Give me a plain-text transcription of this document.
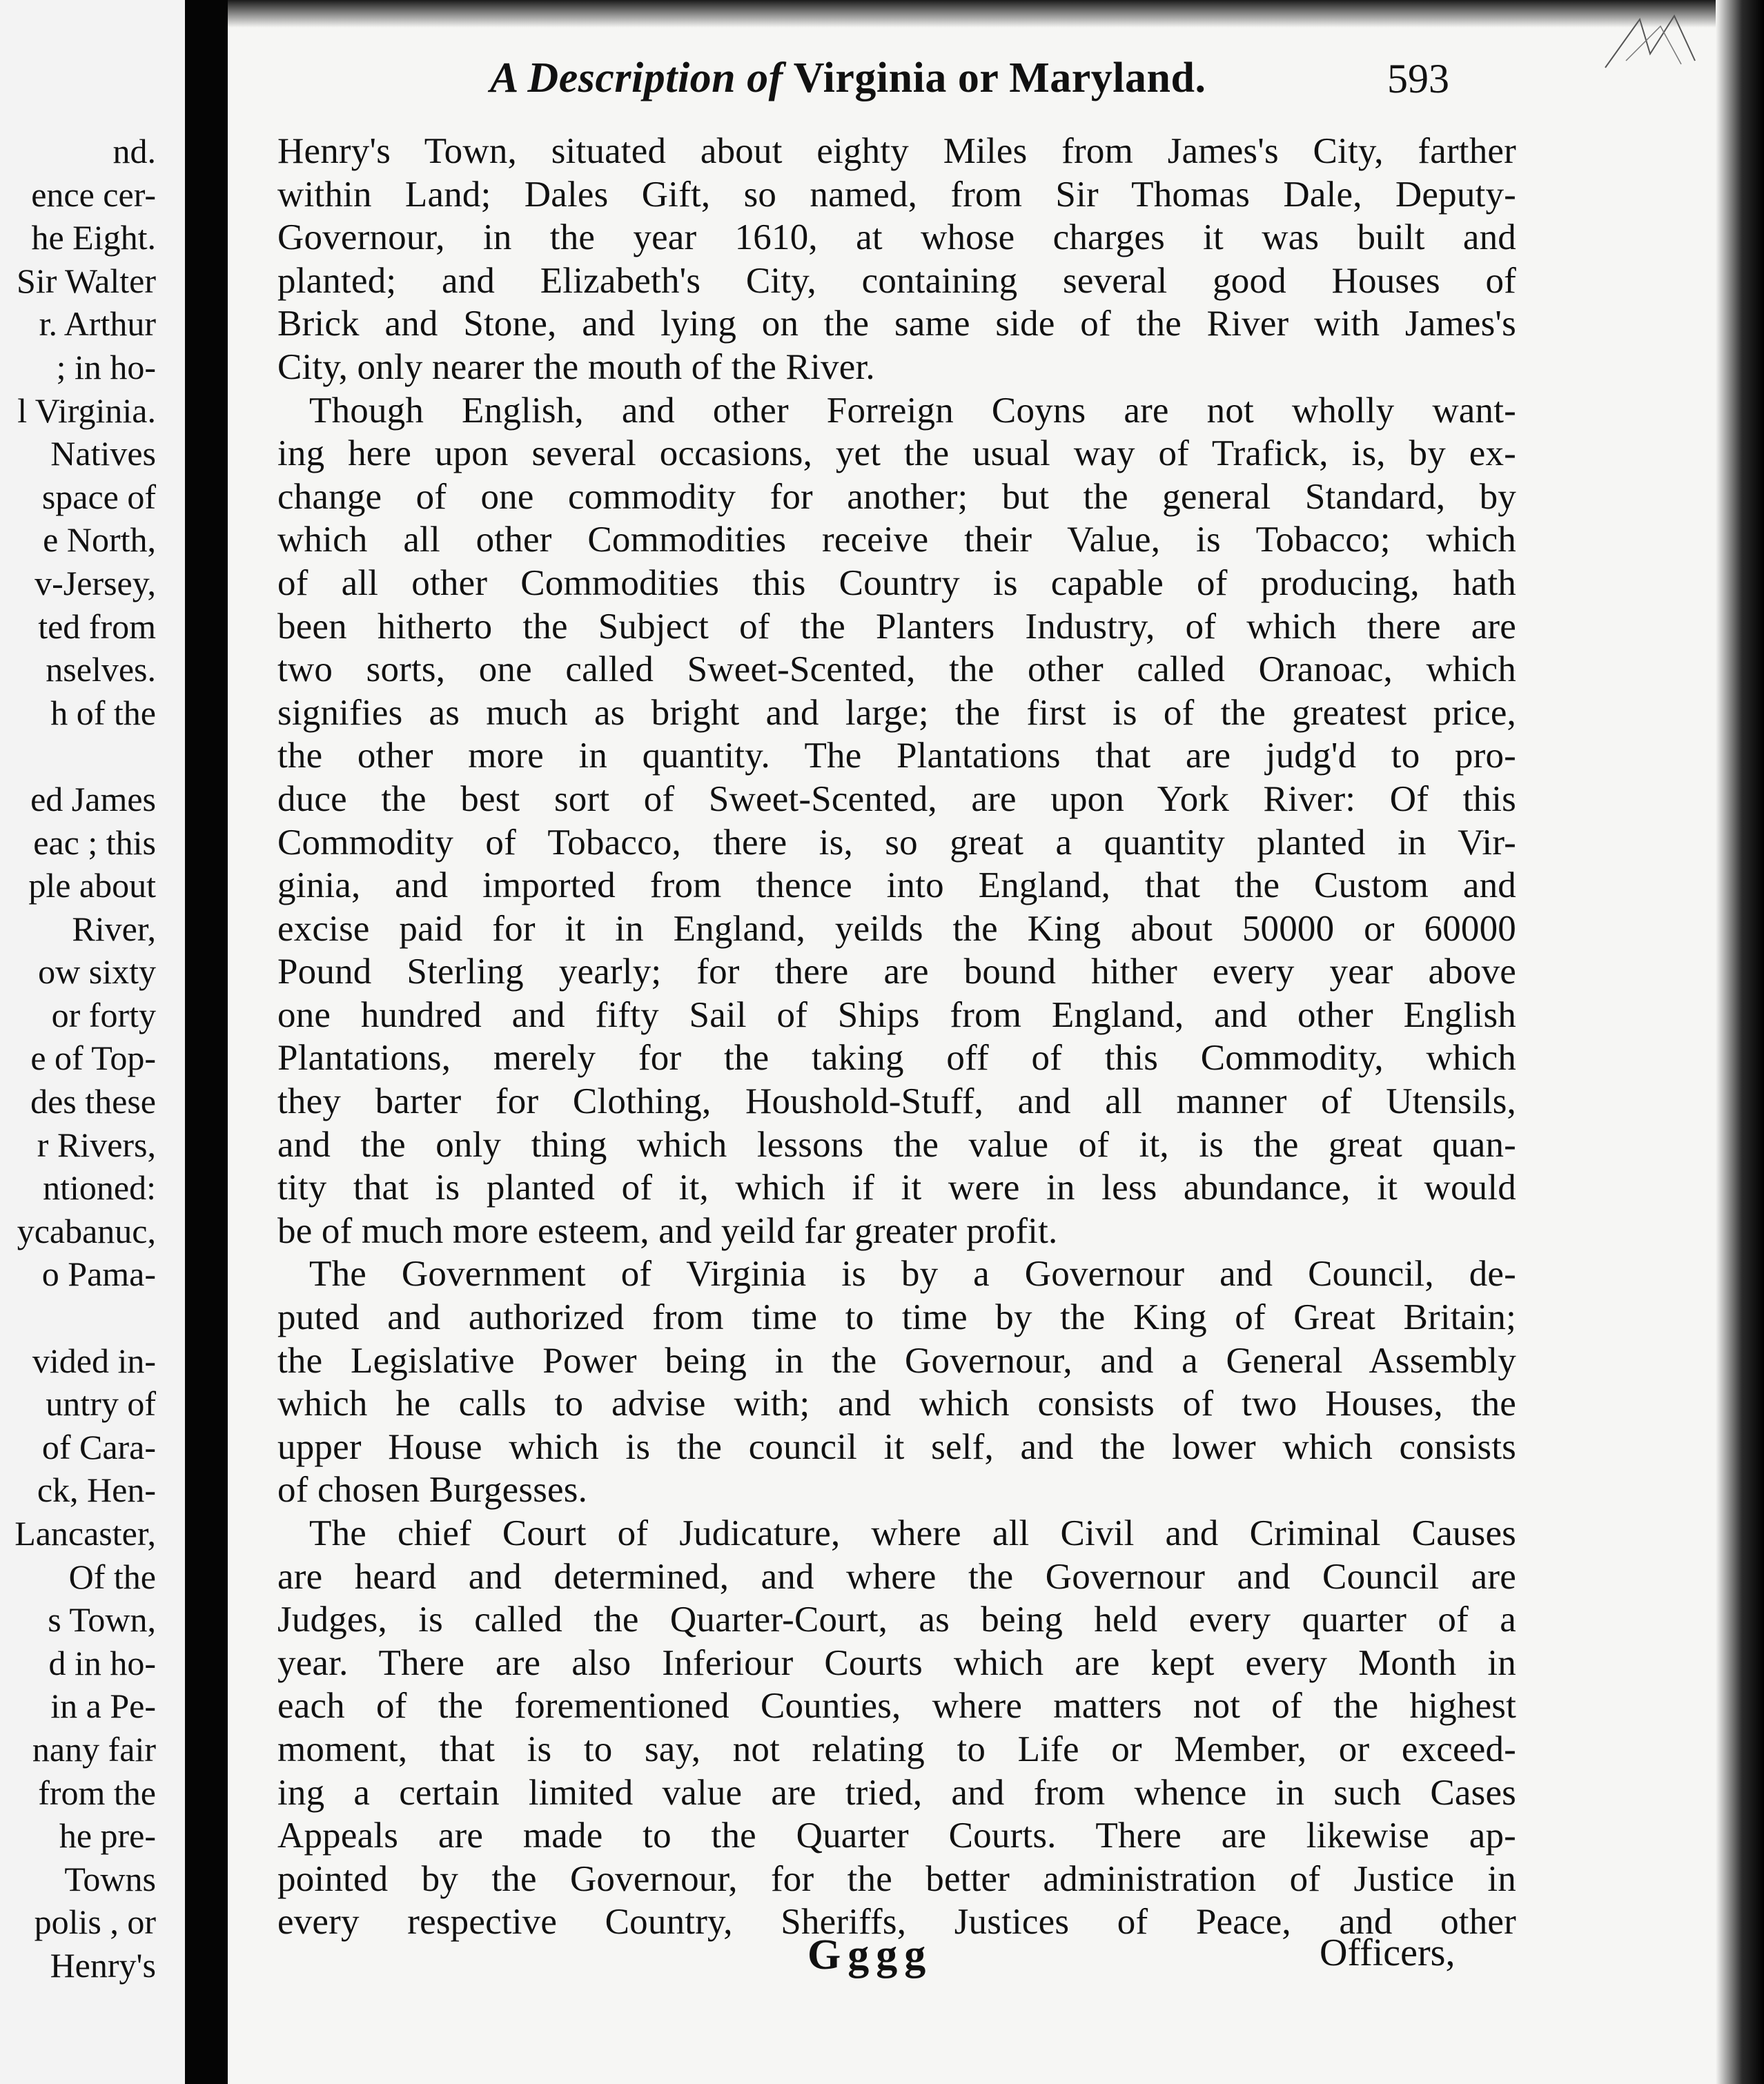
nd.
ence cer-
he Eight.
Sir Walter
r. Arthur
; in ho-
l Virginia.
Natives
space of
e North,
v-Jersey,
ted from
nselves.
h of the
ed James
eac ; this
ple about
River,
ow sixty
or forty
e of Top-
des these
r Rivers,
ntioned:
ycabanuc,
o Pama-
vided in-
untry of
of Cara-
ck, Hen-
Lancaster,
Of the
s Town,
d in ho-
in a Pe-
nany fair
from the
he pre-
Towns
polis , or
Henry's
A Description of Virginia or Maryland.	593
Henry's Town, situated about eighty Miles from James's City, farther
within Land; Dales Gift, so named, from Sir Thomas Dale, Deputy-
Governour, in the year 1610, at whose charges it was built and
planted; and Elizabeth's City, containing several good Houses of
Brick and Stone, and lying on the same side of the River with James's
City, only nearer the mouth of the River.
Though English, and other Forreign Coyns are not wholly want-
ing here upon several occasions, yet the usual way of Trafick, is, by ex-
change of one commodity for another; but the general Standard, by
which all other Commodities receive their Value, is Tobacco; which
of all other Commodities this Country is capable of producing, hath
been hitherto the Subject of the Planters Industry, of which there are
two sorts, one called Sweet-Scented, the other called Oranoac, which
signifies as much as bright and large; the first is of the greatest price,
the other more in quantity. The Plantations that are judg'd to pro-
duce the best sort of Sweet-Scented, are upon York River: Of this
Commodity of Tobacco, there is, so great a quantity planted in Vir-
ginia, and imported from thence into England, that the Custom and
excise paid for it in England, yeilds the King about 50000 or 60000
Pound Sterling yearly; for there are bound hither every year above
one hundred and fifty Sail of Ships from England, and other English
Plantations, merely for the taking off of this Commodity, which
they barter for Clothing, Houshold-Stuff, and all manner of Utensils,
and the only thing which lessons the value of it, is the great quan-
tity that is planted of it, which if it were in less abundance, it would
be of much more esteem, and yeild far greater profit.
The Government of Virginia is by a Governour and Council, de-
puted and authorized from time to time by the King of Great Britain;
the Legislative Power being in the Governour, and a General Assembly
which he calls to advise with; and which consists of two Houses, the
upper House which is the council it self, and the lower which consists
of chosen Burgesses.
The chief Court of Judicature, where all Civil and Criminal Causes
are heard and determined, and where the Governour and Council are
Judges, is called the Quarter-Court, as being held every quarter of a
year. There are also Inferiour Courts which are kept every Month in
each of the forementioned Counties, where matters not of the highest
moment, that is to say, not relating to Life or Member, or exceed-
ing a certain limited value are tried, and from whence in such Cases
Appeals are made to the Quarter Courts. There are likewise ap-
pointed by the Governour, for the better administration of Justice in
every respective Country, Sheriffs, Justices of Peace, and other
Gggg	Officers,
